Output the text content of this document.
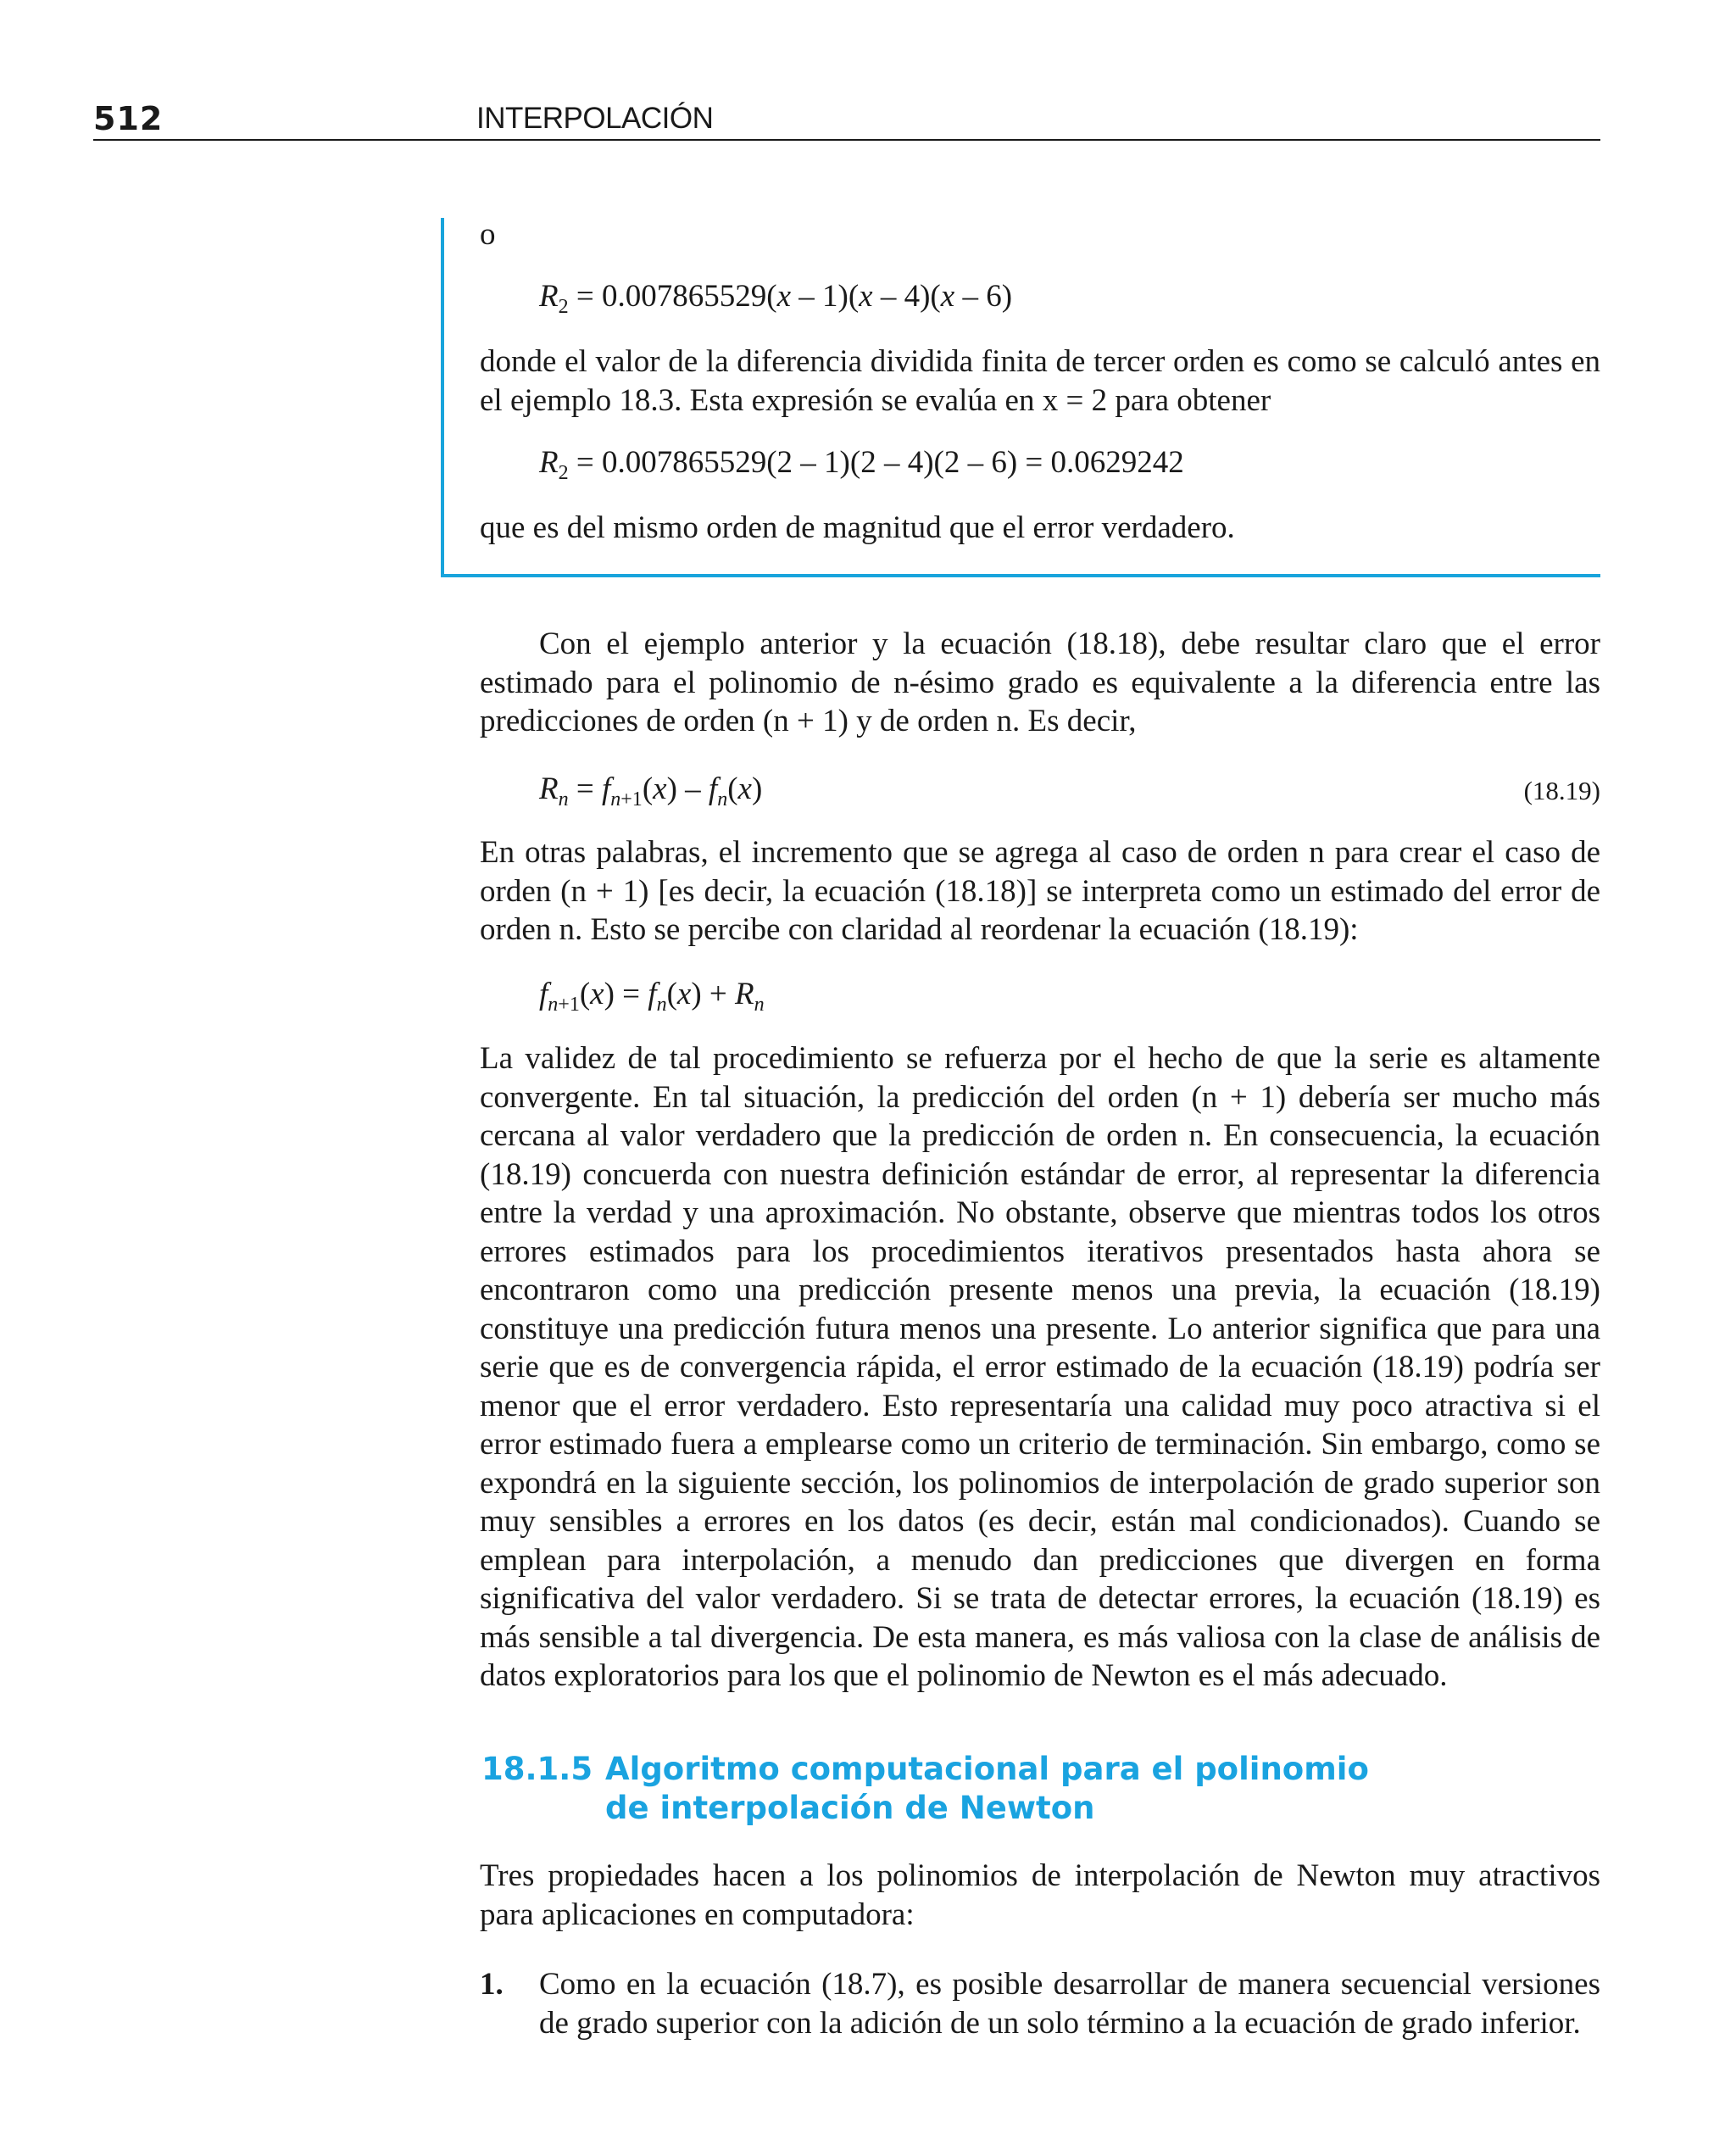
512	INTERPOLACIÓN
o
$R_2 = 0.007865529(x - 1)(x - 4)(x - 6)$

donde el valor de la diferencia dividida finita de tercer orden es como se calculó antes en el ejemplo 18.3. Esta expresión se evalúa en x = 2 para obtener

$R_2 = 0.007865529(2 - 1)(2 - 4)(2 - 6) = 0.0629242$

que es del mismo orden de magnitud que el error verdadero.

Con el ejemplo anterior y la ecuación (18.18), debe resultar claro que el error estimado para el polinomio de n-ésimo grado es equivalente a la diferencia entre las predicciones de orden (n + 1) y de orden n. Es decir,

$R_n = f_{n+1}(x) - f_n(x)$	(18.19)

En otras palabras, el incremento que se agrega al caso de orden n para crear el caso de orden (n + 1) [es decir, la ecuación (18.18)] se interpreta como un estimado del error de orden n. Esto se percibe con claridad al reordenar la ecuación (18.19):

$f_{n+1}(x) = f_n(x) + R_n$

La validez de tal procedimiento se refuerza por el hecho de que la serie es altamente convergente. En tal situación, la predicción del orden (n + 1) debería ser mucho más cercana al valor verdadero que la predicción de orden n. En consecuencia, la ecuación (18.19) concuerda con nuestra definición estándar de error, al representar la diferencia entre la verdad y una aproximación. No obstante, observe que mientras todos los otros errores estimados para los procedimientos iterativos presentados hasta ahora se encontraron como una predicción presente menos una previa, la ecuación (18.19) constituye una predicción futura menos una presente. Lo anterior significa que para una serie que es de convergencia rápida, el error estimado de la ecuación (18.19) podría ser menor que el error verdadero. Esto representaría una calidad muy poco atractiva si el error estimado fuera a emplearse como un criterio de terminación. Sin embargo, como se expondrá en la siguiente sección, los polinomios de interpolación de grado superior son muy sensibles a errores en los datos (es decir, están mal condicionados). Cuando se emplean para interpolación, a menudo dan predicciones que divergen en forma significativa del valor verdadero. Si se trata de detectar errores, la ecuación (18.19) es más sensible a tal divergencia. De esta manera, es más valiosa con la clase de análisis de datos exploratorios para los que el polinomio de Newton es el más adecuado.

18.1.5 Algoritmo computacional para el polinomio
de interpolación de Newton

Tres propiedades hacen a los polinomios de interpolación de Newton muy atractivos para aplicaciones en computadora:

1. Como en la ecuación (18.7), es posible desarrollar de manera secuencial versiones de grado superior con la adición de un solo término a la ecuación de grado inferior.
